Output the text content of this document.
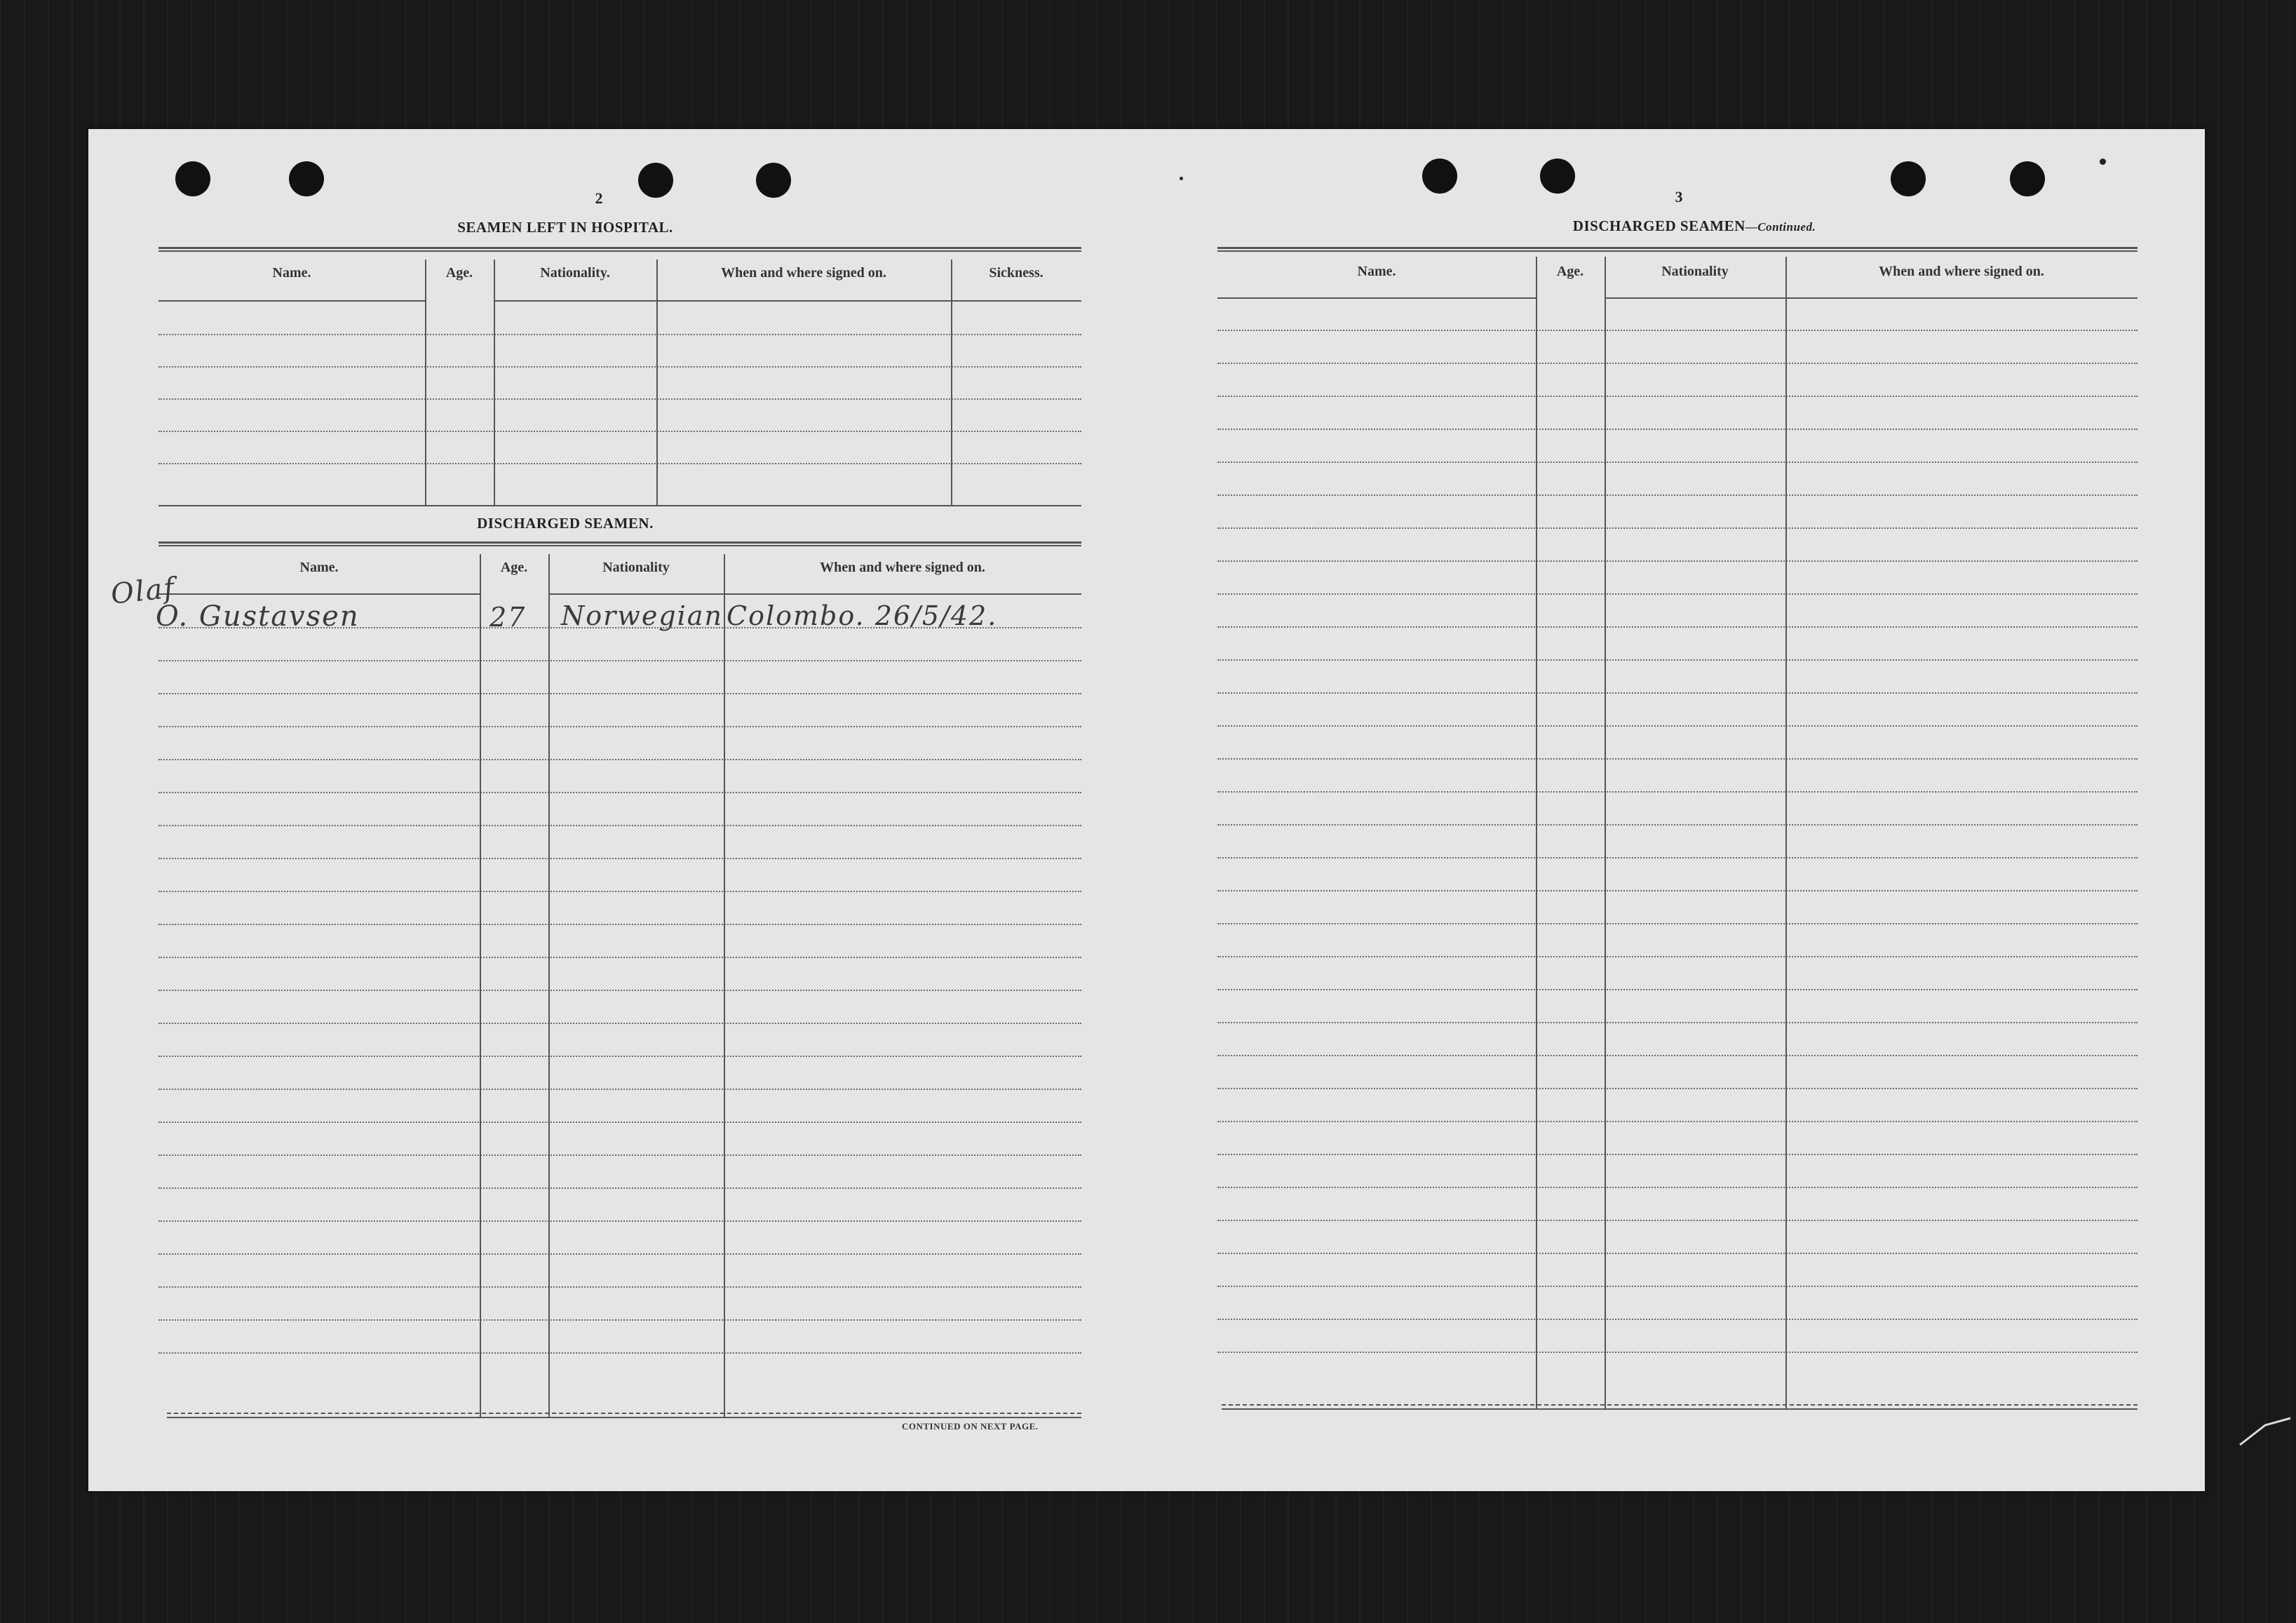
2
SEAMEN LEFT IN HOSPITAL.
Name.	Age.	Nationality.	When and where signed on.	Sickness.
DISCHARGED SEAMEN.
Name.	Age.	Nationality	When and where signed on.
Olaf
O. Gustavsen	27 Norwegian Colombo. 26/5/42.
CONTINUED ON NEXT PAGE.
3
DISCHARGED SEAMEN—Continued.
Name.	Age.	Nationality	When and where signed on.
